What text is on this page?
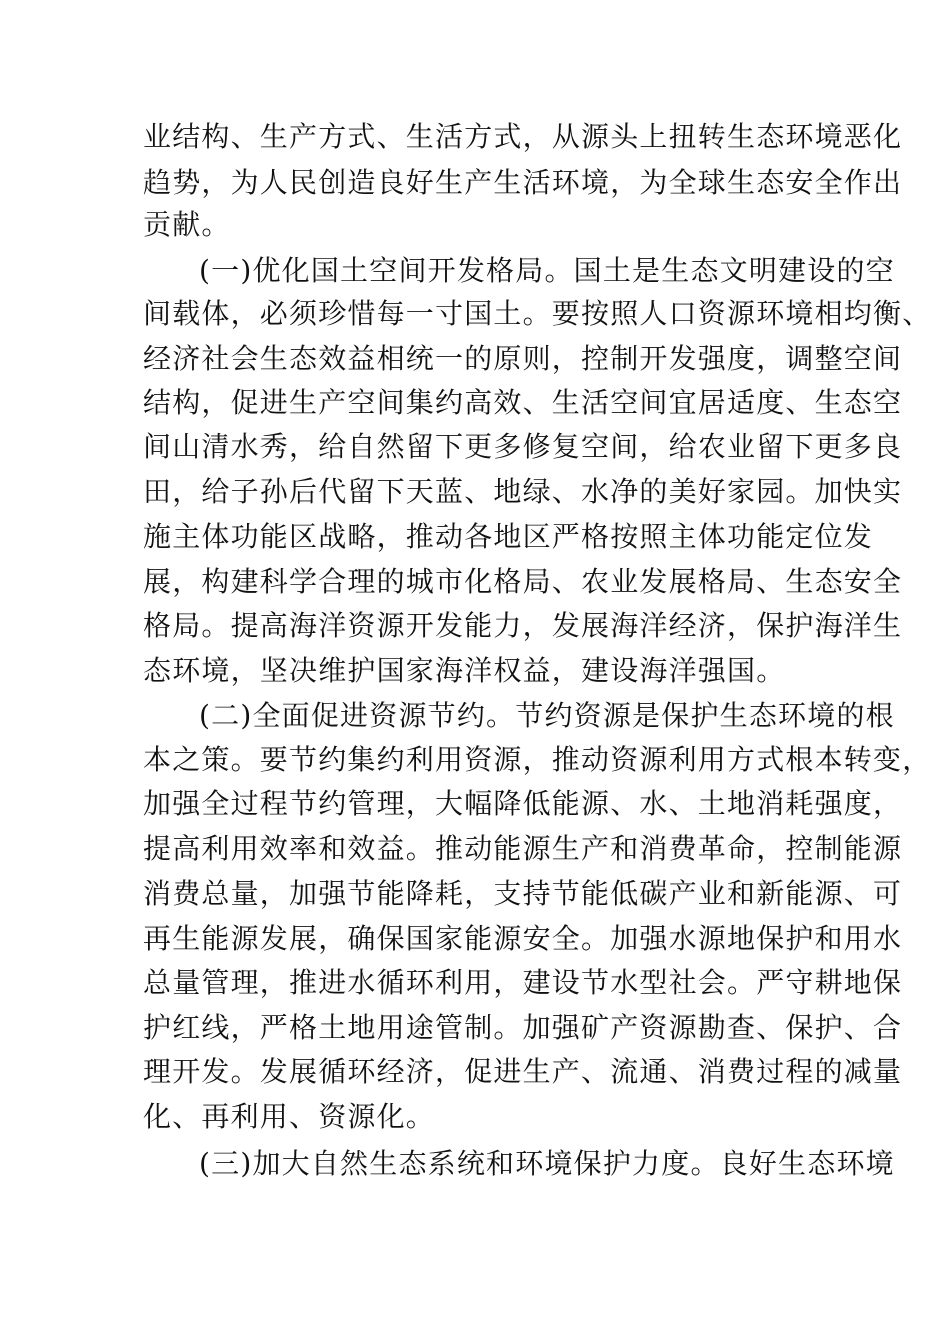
业结构、生产方式、生活方式，从源头上扭转生态环境恶化
趋势，为人民创造良好生产生活环境，为全球生态安全作出
贡献。
(一)优化国土空间开发格局。国土是生态文明建设的空
间载体，必须珍惜每一寸国土。要按照人口资源环境相均衡、
经济社会生态效益相统一的原则，控制开发强度，调整空间
结构，促进生产空间集约高效、生活空间宜居适度、生态空
间山清水秀，给自然留下更多修复空间，给农业留下更多良
田，给子孙后代留下天蓝、地绿、水净的美好家园。加快实
施主体功能区战略，推动各地区严格按照主体功能定位发
展，构建科学合理的城市化格局、农业发展格局、生态安全
格局。提高海洋资源开发能力，发展海洋经济，保护海洋生
态环境，坚决维护国家海洋权益，建设海洋强国。
(二)全面促进资源节约。节约资源是保护生态环境的根
本之策。要节约集约利用资源，推动资源利用方式根本转变，
加强全过程节约管理，大幅降低能源、水、土地消耗强度，
提高利用效率和效益。推动能源生产和消费革命，控制能源
消费总量，加强节能降耗，支持节能低碳产业和新能源、可
再生能源发展，确保国家能源安全。加强水源地保护和用水
总量管理，推进水循环利用，建设节水型社会。严守耕地保
护红线，严格土地用途管制。加强矿产资源勘查、保护、合
理开发。发展循环经济，促进生产、流通、消费过程的减量
化、再利用、资源化。
(三)加大自然生态系统和环境保护力度。良好生态环境
